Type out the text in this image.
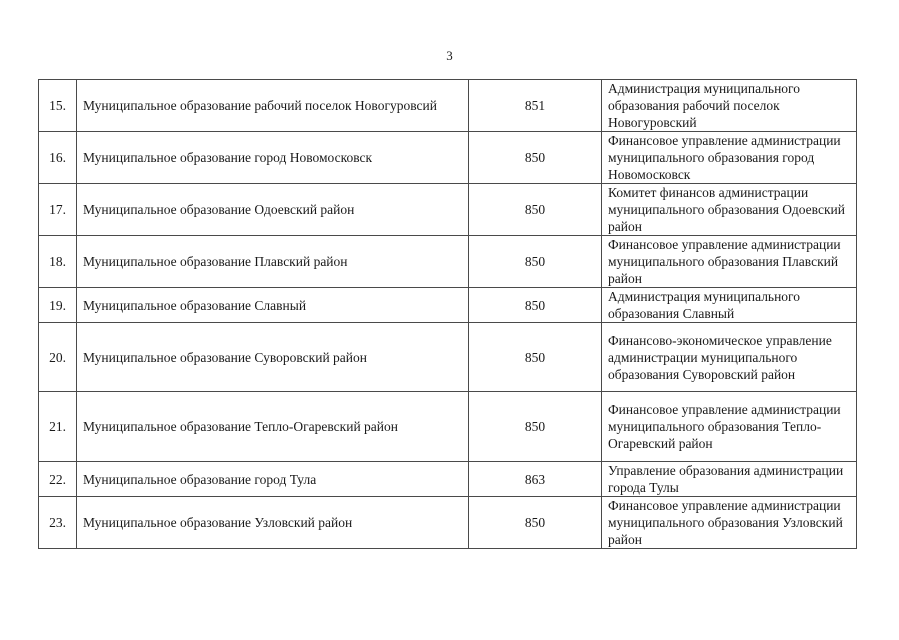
3
15.	Муниципальное образование рабочий поселок Новогуровсий	851	Администрация муниципального образования рабочий поселок Новогуровский
16.	Муниципальное образование город Новомосковск	850	Финансовое управление администрации муниципального образования город Новомосковск
17.	Муниципальное образование Одоевский район	850	Комитет финансов администрации муниципального образования Одоевский район
18.	Муниципальное образование Плавский район	850	Финансовое управление администрации муниципального образования Плавский район
19.	Муниципальное образование Славный	850	Администрация муниципального образования Славный
20.	Муниципальное образование Суворовский район	850	Финансово-экономическое управление администрации муниципального образования Суворовский район
21.	Муниципальное образование Тепло-Огаревский район	850	Финансовое управление администрации муниципального образования Тепло-Огаревский район
22.	Муниципальное образование город Тула	863	Управление образования администрации города Тулы
23.	Муниципальное образование Узловский район	850	Финансовое управление администрации муниципального образования Узловский район
